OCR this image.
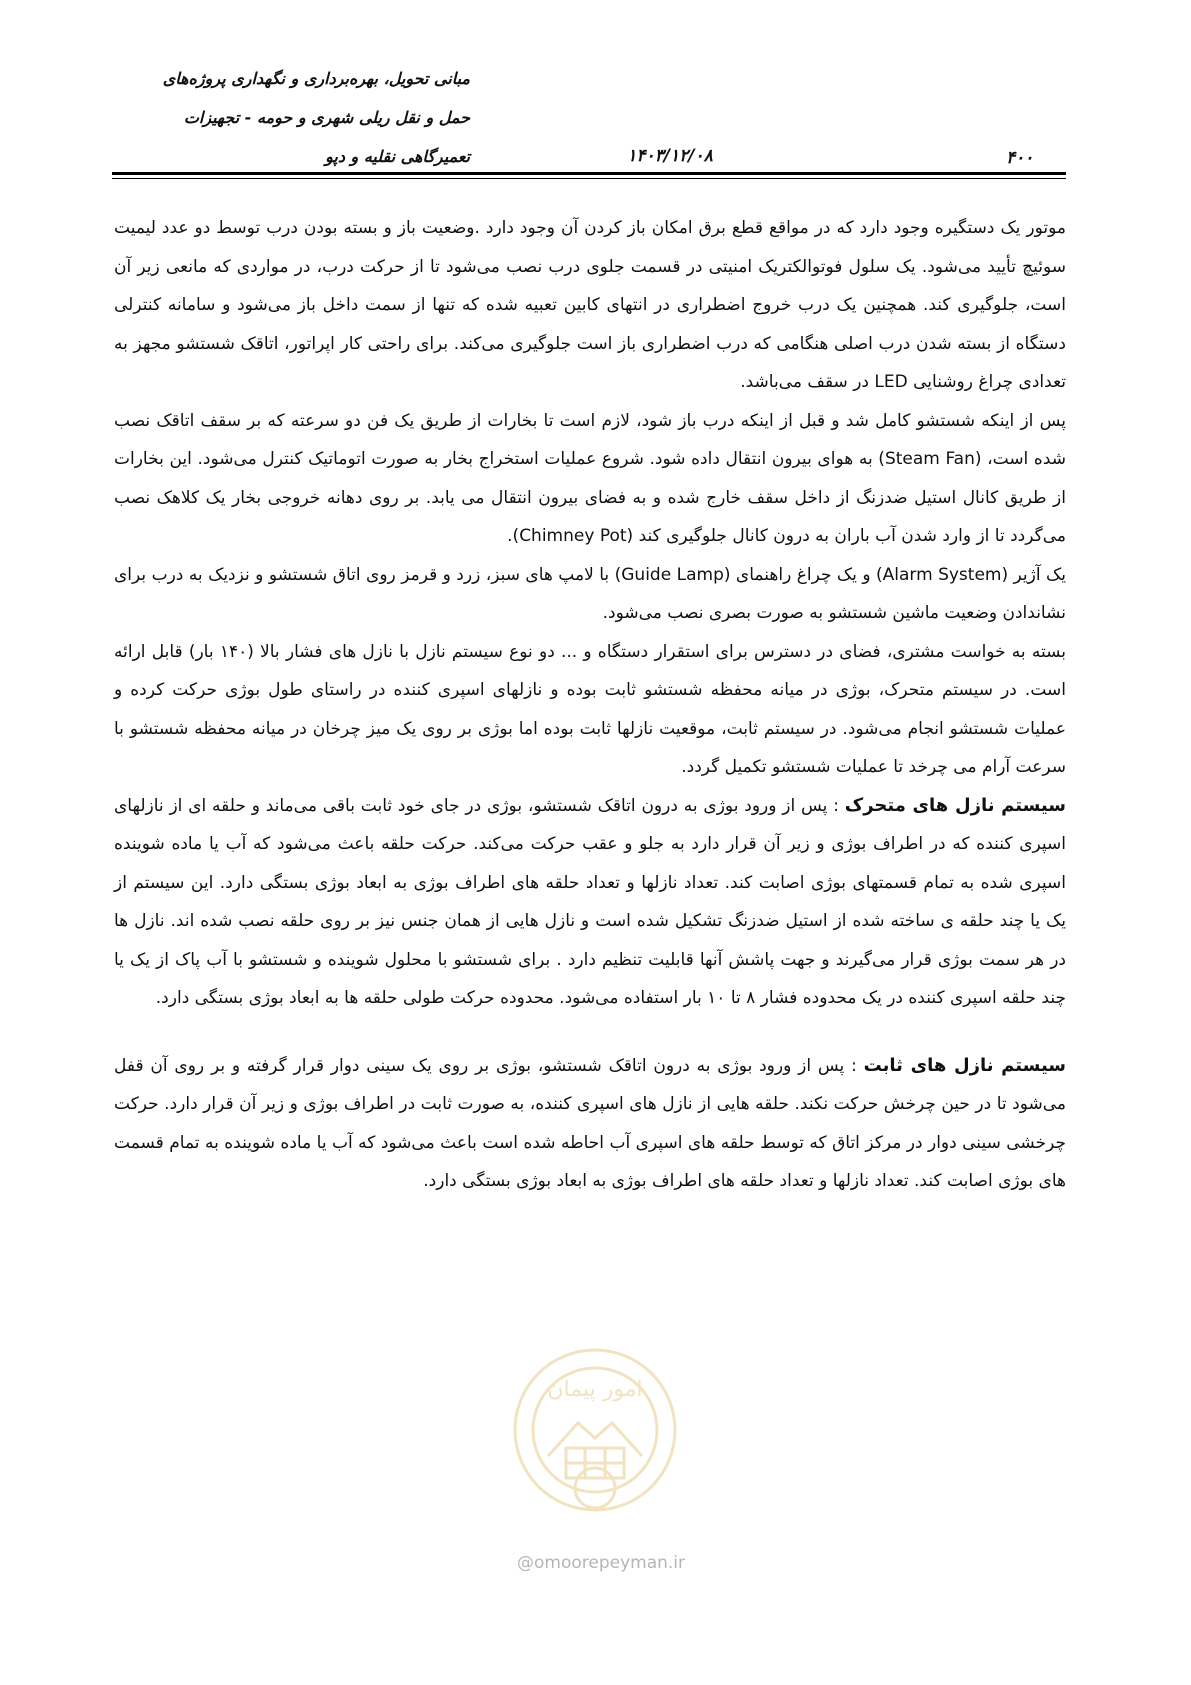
۴۰۰
۱۴۰۳/۱۲/۰۸
مبانی تحویل، بهره‌برداری و نگهداری پروژه‌های
حمل و نقل ریلی شهری و حومه - تجهیزات
تعمیرگاهی نقلیه و دپو

موتور یک دستگیره وجود دارد که در مواقع قطع برق امکان باز کردن آن وجود دارد .وضعیت باز و بسته بودن درب توسط دو عدد لیمیت سوئیچ تأیید می‌شود. یک سلول فوتوالکتریک امنیتی در قسمت جلوی درب نصب می‌شود تا از حرکت درب، در مواردی که مانعی زیر آن است، جلوگیری کند. همچنین یک درب خروج اضطراری در انتهای کابین تعبیه شده که تنها از سمت داخل باز می‌شود و سامانه کنترلی دستگاه از بسته شدن درب اصلی هنگامی که درب اضطراری باز است جلوگیری می‌کند. برای راحتی کار اپراتور، اتاقک شستشو مجهز به تعدادی چراغ روشنایی LED در سقف می‌باشد.

پس از اینکه شستشو کامل شد و قبل از اینکه درب باز شود، لازم است تا بخارات از طریق یک فن دو سرعته که بر سقف اتاقک نصب شده است، (Steam Fan) به هوای بیرون انتقال داده شود. شروع عملیات استخراج بخار به صورت اتوماتیک کنترل می‌شود. این بخارات از طریق کانال استیل ضدزنگ از داخل سقف خارج شده و به فضای بیرون انتقال می یابد. بر روی دهانه خروجی بخار یک کلاهک نصب می‌گردد تا از وارد شدن آب باران به درون کانال جلوگیری کند (Chimney Pot).

یک آژیر (Alarm System) و یک چراغ راهنمای (Guide Lamp) با لامپ های سبز، زرد و قرمز روی اتاق شستشو و نزدیک به درب برای نشاندادن وضعیت ماشین شستشو به صورت بصری نصب می‌شود.

بسته به خواست مشتری، فضای در دسترس برای استقرار دستگاه و ... دو نوع سیستم نازل با نازل های فشار بالا (۱۴۰ بار) قابل ارائه است. در سیستم متحرک، بوژی در میانه محفظه شستشو ثابت بوده و نازلهای اسپری کننده در راستای طول بوژی حرکت کرده و عملیات شستشو انجام می‌شود. در سیستم ثابت، موقعیت نازلها ثابت بوده اما بوژی بر روی یک میز چرخان در میانه محفظه شستشو با سرعت آرام می چرخد تا عملیات شستشو تکمیل گردد.

سیستم نازل های متحرک : پس از ورود بوژی به درون اتاقک شستشو، بوژی در جای خود ثابت باقی می‌ماند و حلقه ای از نازلهای اسپری کننده که در اطراف بوژی و زیر آن قرار دارد به جلو و عقب حرکت می‌کند. حرکت حلقه باعث می‌شود که آب یا ماده شوینده اسپری شده به تمام قسمتهای بوژی اصابت کند. تعداد نازلها و تعداد حلقه های اطراف بوژی به ابعاد بوژی بستگی دارد. این سیستم از یک یا چند حلقه ی ساخته شده از استیل ضدزنگ تشکیل شده است و نازل هایی از همان جنس نیز بر روی حلقه نصب شده اند. نازل ها در هر سمت بوژی قرار می‌گیرند و جهت پاشش آنها قابلیت تنظیم دارد . برای شستشو با محلول شوینده و شستشو با آب پاک از یک یا چند حلقه اسپری کننده در یک محدوده فشار ۸ تا ۱۰ بار استفاده می‌شود. محدوده حرکت طولی حلقه ها به ابعاد بوژی بستگی دارد.

سیستم نازل های ثابت : پس از ورود بوژی به درون اتاقک شستشو، بوژی بر روی یک سینی دوار قرار گرفته و بر روی آن قفل می‌شود تا در حین چرخش حرکت نکند. حلقه هایی از نازل های اسپری کننده، به صورت ثابت در اطراف بوژی و زیر آن قرار دارد. حرکت چرخشی سینی دوار در مرکز اتاق که توسط حلقه های اسپری آب احاطه شده است باعث می‌شود که آب یا ماده شوینده به تمام قسمت های بوژی اصابت کند. تعداد نازلها و تعداد حلقه های اطراف بوژی به ابعاد بوژی بستگی دارد.

امور پیمان
@omoorepeyman.ir
